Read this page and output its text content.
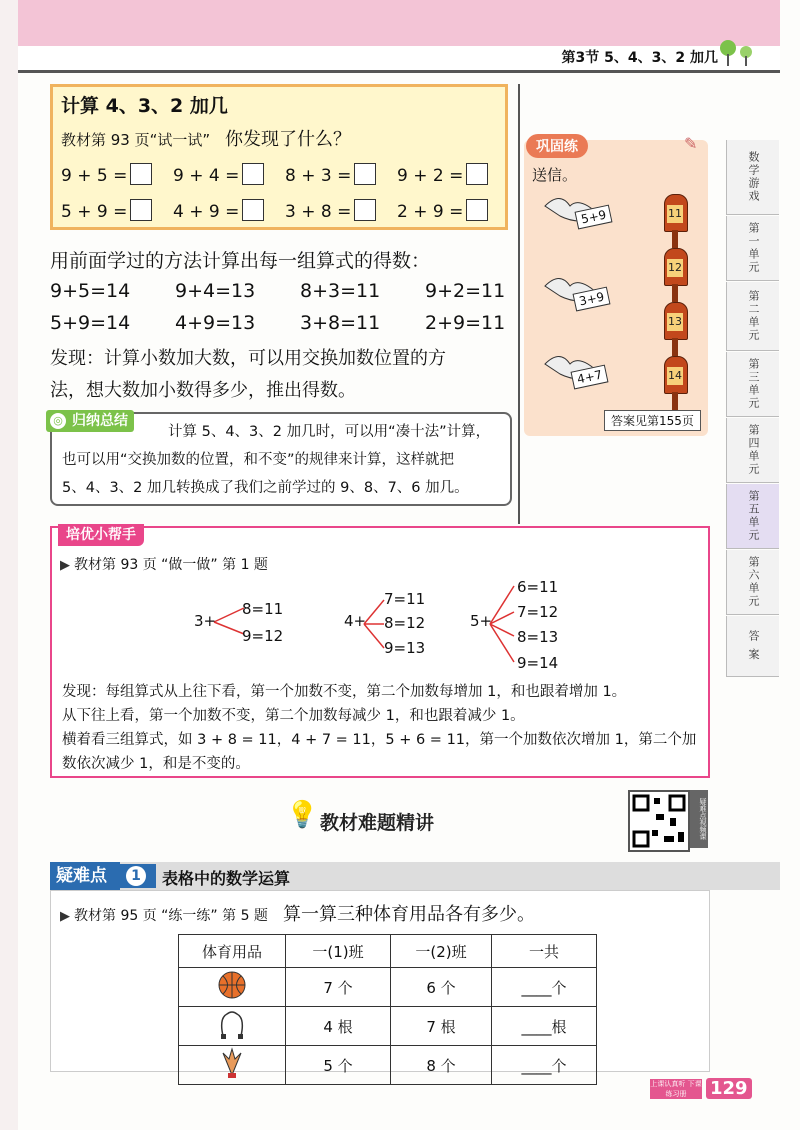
第3节 5、4、3、2 加几
计算 4、3、2 加几
教材第 93 页“试一试” 你发现了什么？
9 + 5 =	9 + 4 =	8 + 3 =	9 + 2 =
5 + 9 =	4 + 9 =	3 + 8 =	2 + 9 =
用前面学过的方法计算出每一组算式的得数：
9+5=14 9+4=13 8+3=11 9+2=11
5+9=14 4+9=13 3+8=11 2+9=11
发现：计算小数加大数，可以用交换加数位置的方
法，想大数加小数得多少，推出得数。
◎ 归纳总结
计算 5、4、3、2 加几时，可以用“凑十法”计算，
也可以用“交换加数的位置，和不变”的规律来计算，这样就把
5、4、3、2 加几转换成了我们之前学过的 9、8、7、6 加几。
巩固练	✎
送信。
5+9
3+9
4+7
11
12
13
14
答案见第155页
数学游戏
第一单元
第二单元
第三单元
第四单元
第五单元
第六单元
答 案
培优小帮手
▶ 教材第 93 页 “做一做” 第 1 题
3+
8=11
9=12
4+
7=11
8=12
9=13
5+
6=11
7=12
8=13
9=14
发现：每组算式从上往下看，第一个加数不变，第二个加数每增加 1，和也跟着增加 1。
从下往上看，第一个加数不变，第二个加数每减少 1，和也跟着减少 1。
横着看三组算式，如 3 + 8 = 11，4 + 7 = 11，5 + 6 = 11，第一个加数依次增加 1，第二个加
数依次减少 1，和是不变的。
💡 教材难题精讲	疑难点视频课
疑难点	1	表格中的数学运算
▶ 教材第 95 页 “练一练” 第 5 题 算一算三种体育用品各有多少。
体育用品	一(1)班	一(2)班	一共
	7 个	6 个	____个
	4 根	7 根	____根
	5 个	8 个	____个
上课认真听 下课练习册	129
